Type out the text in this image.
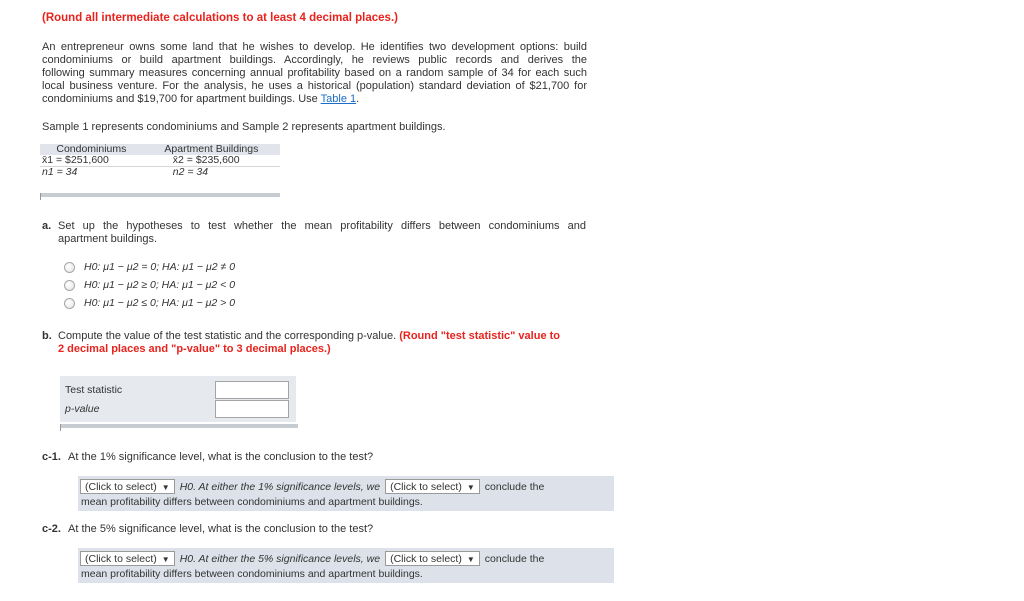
(Round all intermediate calculations to at least 4 decimal places.)
An entrepreneur owns some land that he wishes to develop. He identifies two development options: build
condominiums or build apartment buildings. Accordingly, he reviews public records and derives the
following summary measures concerning annual profitability based on a random sample of 34 for each such
local business venture. For the analysis, he uses a historical (population) standard deviation of $21,700 for
condominiums and $19,700 for apartment buildings. Use Table 1.
Sample 1 represents condominiums and Sample 2 represents apartment buildings.
Condominiums	Apartment Buildings
x̄1 = $251,600	x̄2 = $235,600
n1 = 34	n2 = 34
a. Set up the hypotheses to test whether the mean profitability differs between condominiums and
apartment buildings.
H0: μ1 − μ2 = 0; HA: μ1 − μ2 ≠ 0
H0: μ1 − μ2 ≥ 0; HA: μ1 − μ2 < 0
H0: μ1 − μ2 ≤ 0; HA: μ1 − μ2 > 0
b. Compute the value of the test statistic and the corresponding p-value. (Round "test statistic" value to
2 decimal places and "p-value" to 3 decimal places.)
Test statistic
p-value
c-1. At the 1% significance level, what is the conclusion to the test?
(Click to select) ▼ H0. At either the 1% significance levels, we (Click to select) ▼ conclude the
mean profitability differs between condominiums and apartment buildings.
c-2. At the 5% significance level, what is the conclusion to the test?
(Click to select) ▼ H0. At either the 5% significance levels, we (Click to select) ▼ conclude the
mean profitability differs between condominiums and apartment buildings.
